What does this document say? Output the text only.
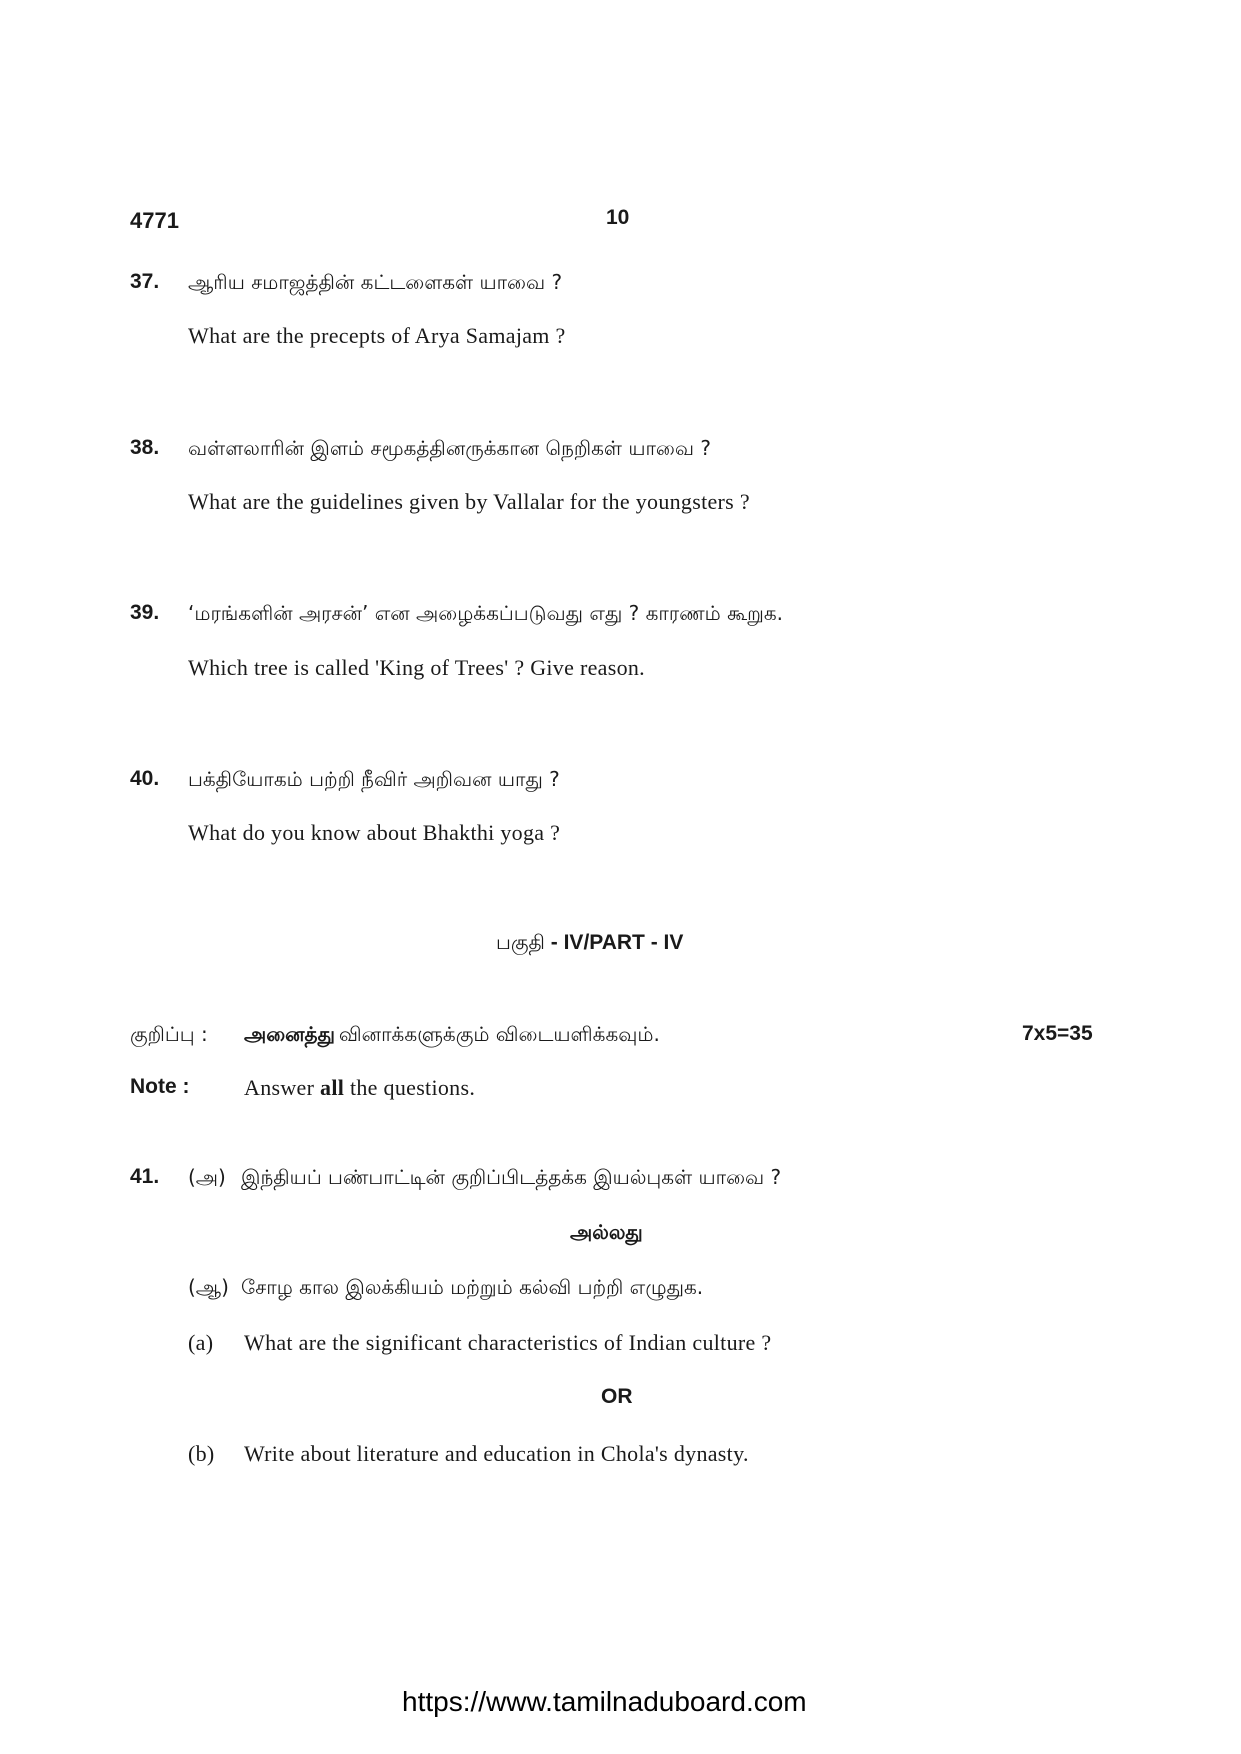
4771	10
37. ஆரிய சமாஜத்தின் கட்டளைகள் யாவை ?
What are the precepts of Arya Samajam ?
38. வள்ளலாரின் இளம் சமூகத்தினருக்கான நெறிகள் யாவை ?
What are the guidelines given by Vallalar for the youngsters ?
39. ‘மரங்களின் அரசன்’ என அழைக்கப்படுவது எது ? காரணம் கூறுக.
Which tree is called 'King of Trees' ? Give reason.
40. பக்தியோகம் பற்றி நீவிர் அறிவன யாது ?
What do you know about Bhakthi yoga ?
பகுதி - IV/PART - IV
குறிப்பு : அனைத்து வினாக்களுக்கும் விடையளிக்கவும்.	7x5=35
Note : Answer all the questions.
41. (அ) இந்தியப் பண்பாட்டின் குறிப்பிடத்தக்க இயல்புகள் யாவை ?
அல்லது
(ஆ) சோழ கால இலக்கியம் மற்றும் கல்வி பற்றி எழுதுக.
(a) What are the significant characteristics of Indian culture ?
OR
(b) Write about literature and education in Chola's dynasty.
https://www.tamilnaduboard.com
